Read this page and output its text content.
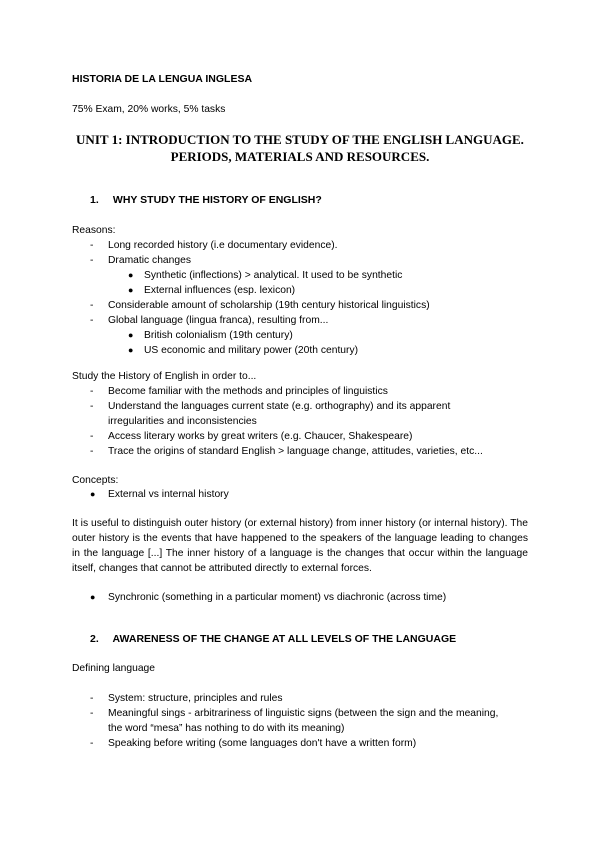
HISTORIA DE LA LENGUA INGLESA
75% Exam, 20% works, 5% tasks
UNIT 1: INTRODUCTION TO THE STUDY OF THE ENGLISH LANGUAGE. PERIODS, MATERIALS AND RESOURCES.
1. WHY STUDY THE HISTORY OF ENGLISH?
Reasons:
- Long recorded history (i.e documentary evidence).
- Dramatic changes
● Synthetic (inflections) > analytical. It used to be synthetic
● External influences (esp. lexicon)
- Considerable amount of scholarship (19th century historical linguistics)
- Global language (lingua franca), resulting from...
● British colonialism (19th century)
● US economic and military power (20th century)
Study the History of English in order to...
- Become familiar with the methods and principles of linguistics
- Understand the languages current state (e.g. orthography) and its apparent irregularities and inconsistencies
- Access literary works by great writers (e.g. Chaucer, Shakespeare)
- Trace the origins of standard English > language change, attitudes, varieties, etc...
Concepts:
● External vs internal history
It is useful to distinguish outer history (or external history) from inner history (or internal history). The outer history is the events that have happened to the speakers of the language leading to changes in the language [...] The inner history of a language is the changes that occur within the language itself, changes that cannot be attributed directly to external forces.
● Synchronic (something in a particular moment) vs diachronic (across time)
2. AWARENESS OF THE CHANGE AT ALL LEVELS OF THE LANGUAGE
Defining language
- System: structure, principles and rules
- Meaningful sings - arbitrariness of linguistic signs (between the sign and the meaning, the word “mesa” has nothing to do with its meaning)
- Speaking before writing (some languages don't have a written form)
